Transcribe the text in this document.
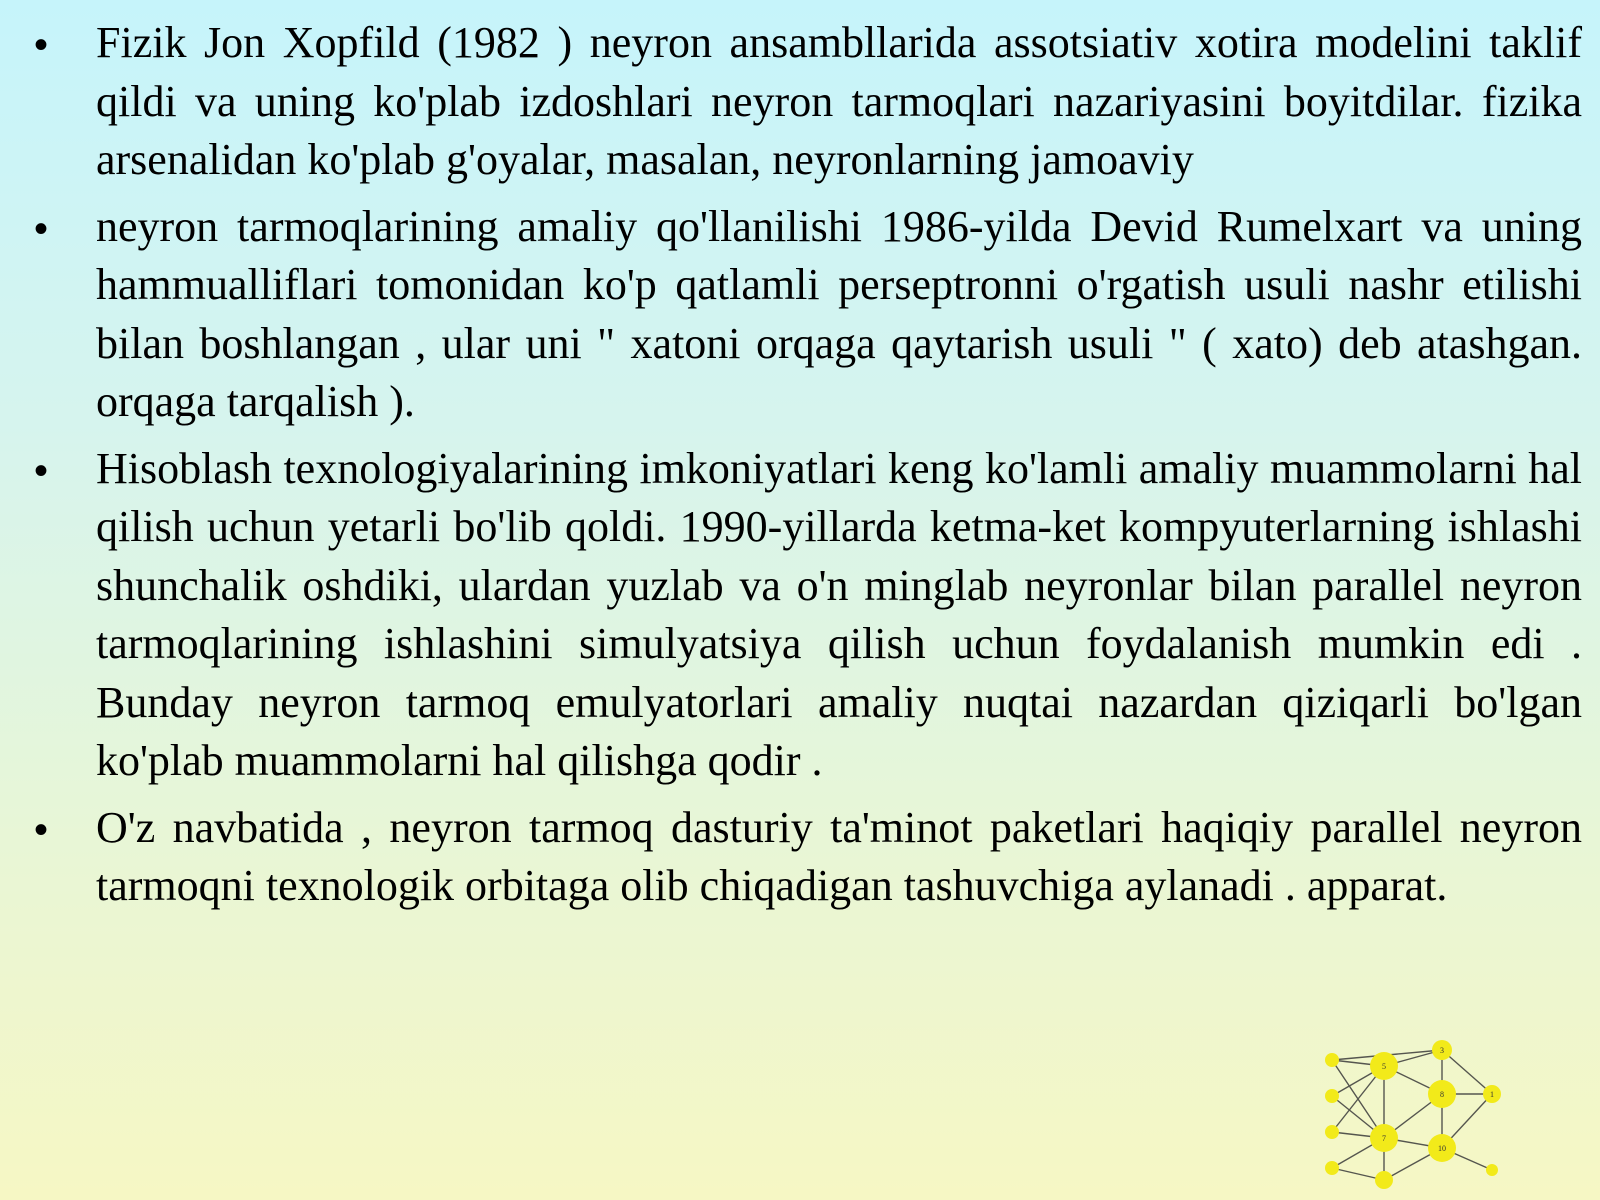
• Fizik Jon Xopfild (1982 ) neyron ansambllarida assotsiativ xotira modelini taklif qildi va uning ko'plab izdoshlari neyron tarmoqlari nazariyasini boyitdilar. fizika arsenalidan ko'plab g'oyalar, masalan, neyronlarning jamoaviy
• neyron tarmoqlarining amaliy qo'llanilishi 1986-yilda Devid Rumelxart va uning hammualliflari tomonidan ko'p qatlamli perseptronni o'rgatish usuli nashr etilishi bilan boshlangan , ular uni " xatoni orqaga qaytarish usuli " ( xato) deb atashgan. orqaga tarqalish ).
• Hisoblash texnologiyalarining imkoniyatlari keng ko'lamli amaliy muammolarni hal qilish uchun yetarli bo'lib qoldi. 1990-yillarda ketma-ket kompyuterlarning ishlashi shunchalik oshdiki, ulardan yuzlab va o'n minglab neyronlar bilan parallel neyron tarmoqlarining ishlashini simulyatsiya qilish uchun foydalanish mumkin edi . Bunday neyron tarmoq emulyatorlari amaliy nuqtai nazardan qiziqarli bo'lgan ko'plab muammolarni hal qilishga qodir .
• O'z navbatida , neyron tarmoq dasturiy ta'minot paketlari haqiqiy parallel neyron tarmoqni texnologik orbitaga olib chiqadigan tashuvchiga aylanadi . apparat.
3
5
8
7
10
1
